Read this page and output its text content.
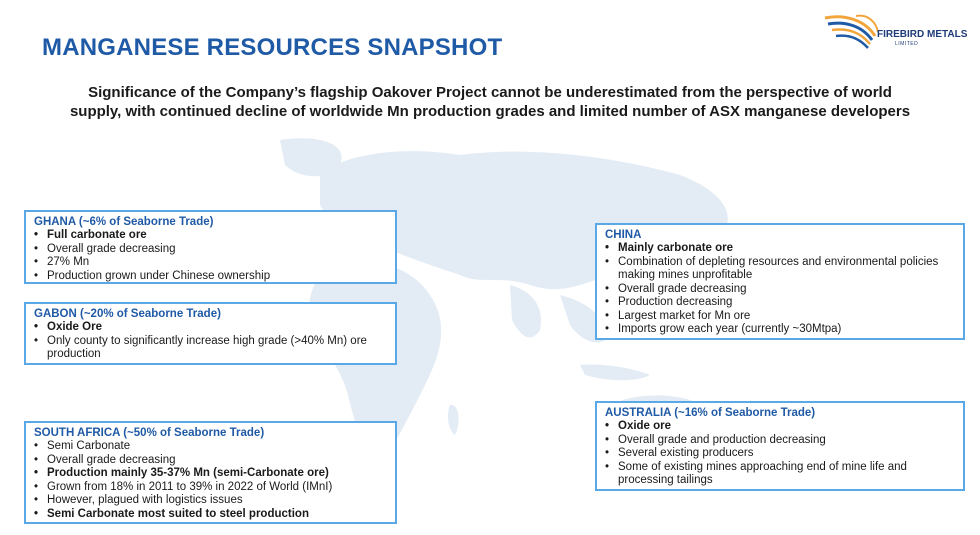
MANGANESE RESOURCES SNAPSHOT	FIREBIRD METALS
LIMITED
Significance of the Company’s flagship Oakover Project cannot be underestimated from the perspective of world
supply, with continued decline of worldwide Mn production grades and limited number of ASX manganese developers
GHANA (~6% of Seaborne Trade)
• Full carbonate ore
• Overall grade decreasing
• 27% Mn
• Production grown under Chinese ownership
GABON (~20% of Seaborne Trade)
• Oxide Ore
• Only county to significantly increase high grade (>40% Mn) ore production
SOUTH AFRICA (~50% of Seaborne Trade)
• Semi Carbonate
• Overall grade decreasing
• Production mainly 35-37% Mn (semi-Carbonate ore)
• Grown from 18% in 2011 to 39% in 2022 of World (IMnI)
• However, plagued with logistics issues
• Semi Carbonate most suited to steel production
CHINA
• Mainly carbonate ore
• Combination of depleting resources and environmental policies making mines unprofitable
• Overall grade decreasing
• Production decreasing
• Largest market for Mn ore
• Imports grow each year (currently ~30Mtpa)
AUSTRALIA (~16% of Seaborne Trade)
• Oxide ore
• Overall grade and production decreasing
• Several existing producers
• Some of existing mines approaching end of mine life and processing tailings
